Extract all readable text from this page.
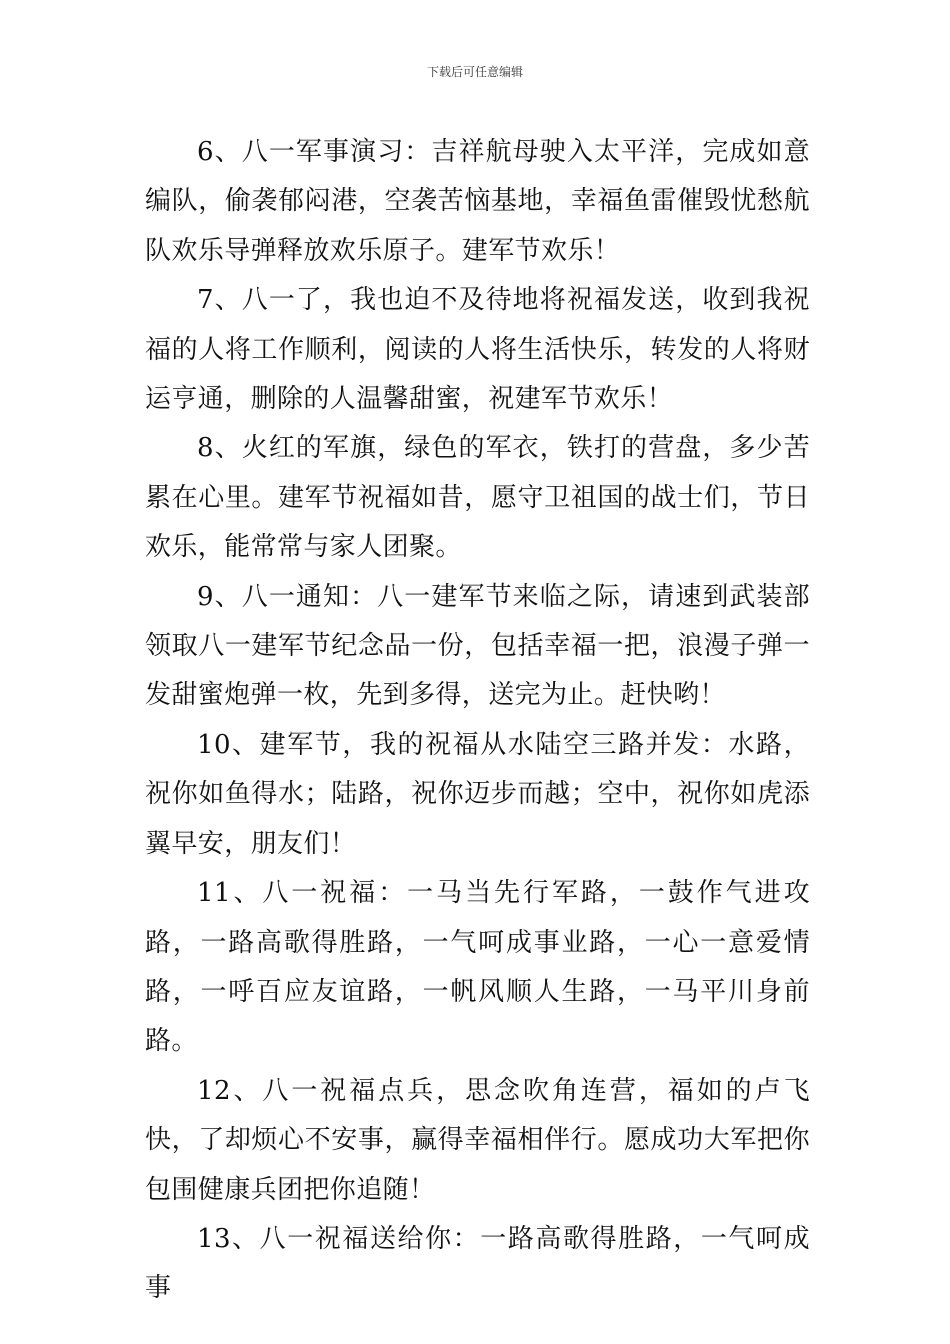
下载后可任意编辑

6、八一军事演习：吉祥航母驶入太平洋，完成如意编队，偷袭郁闷港，空袭苦恼基地，幸福鱼雷催毁忧愁航队欢乐导弹释放欢乐原子。建军节欢乐！

7、八一了，我也迫不及待地将祝福发送，收到我祝福的人将工作顺利，阅读的人将生活快乐，转发的人将财运亨通，删除的人温馨甜蜜，祝建军节欢乐！

8、火红的军旗，绿色的军衣，铁打的营盘，多少苦累在心里。建军节祝福如昔，愿守卫祖国的战士们，节日欢乐，能常常与家人团聚。

9、八一通知：八一建军节来临之际，请速到武装部领取八一建军节纪念品一份，包括幸福一把，浪漫子弹一发甜蜜炮弹一枚，先到多得，送完为止。赶快哟！

10、建军节，我的祝福从水陆空三路并发：水路，祝你如鱼得水；陆路，祝你迈步而越；空中，祝你如虎添翼早安，朋友们！

11、八一祝福：一马当先行军路，一鼓作气进攻路，一路高歌得胜路，一气呵成事业路，一心一意爱情路，一呼百应友谊路，一帆风顺人生路，一马平川身前路。

12、八一祝福点兵，思念吹角连营，福如的卢飞快，了却烦心不安事，赢得幸福相伴行。愿成功大军把你包围健康兵团把你追随！

13、八一祝福送给你：一路高歌得胜路，一气呵成事
